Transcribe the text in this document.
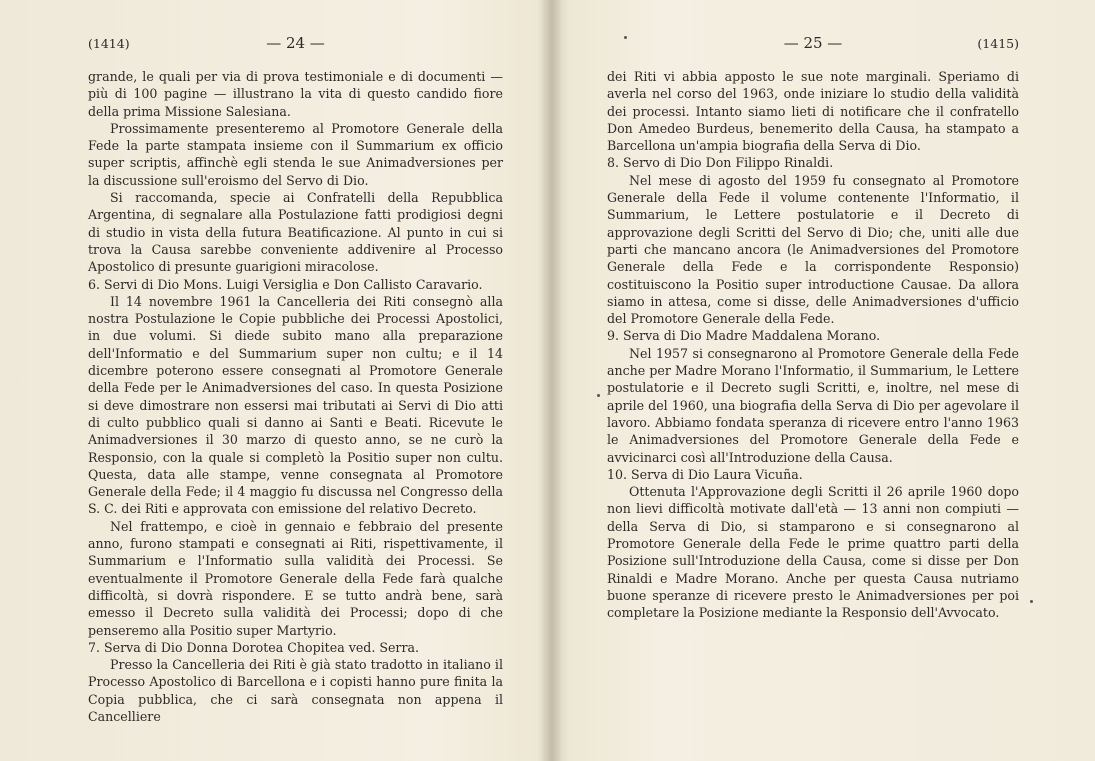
(1414)	— 24 —

grande, le quali per via di prova testimoniale e di documenti — più di 100 pagine — illustrano la vita di questo candido fiore della prima Missione Salesiana.

Prossimamente presenteremo al Promotore Generale della Fede la parte stampata insieme con il Summarium ex officio super scriptis, affinchè egli stenda le sue Animadversiones per la discussione sull'eroismo del Servo di Dio.

Si raccomanda, specie ai Confratelli della Repubblica Argentina, di segnalare alla Postulazione fatti prodigiosi degni di studio in vista della futura Beatificazione. Al punto in cui si trova la Causa sarebbe conveniente addivenire al Processo Apostolico di presunte guarigioni miracolose.

6. Servi di Dio Mons. Luigi Versiglia e Don Callisto Caravario.

Il 14 novembre 1961 la Cancelleria dei Riti consegnò alla nostra Postulazione le Copie pubbliche dei Processi Apostolici, in due volumi. Si diede subito mano alla preparazione dell'Informatio e del Summarium super non cultu; e il 14 dicembre poterono essere consegnati al Promotore Generale della Fede per le Animadversiones del caso. In questa Posizione si deve dimostrare non essersi mai tributati ai Servi di Dio atti di culto pubblico quali si danno ai Santi e Beati. Ricevute le Animadversiones il 30 marzo di questo anno, se ne curò la Responsio, con la quale si completò la Positio super non cultu. Questa, data alle stampe, venne consegnata al Promotore Generale della Fede; il 4 maggio fu discussa nel Congresso della S. C. dei Riti e approvata con emissione del relativo Decreto.

Nel frattempo, e cioè in gennaio e febbraio del presente anno, furono stampati e consegnati ai Riti, rispettivamente, il Summarium e l'Informatio sulla validità dei Processi. Se eventualmente il Promotore Generale della Fede farà qualche difficoltà, si dovrà rispondere. E se tutto andrà bene, sarà emesso il Decreto sulla validità dei Processi; dopo di che penseremo alla Positio super Martyrio.

7. Serva di Dio Donna Dorotea Chopitea ved. Serra.

Presso la Cancelleria dei Riti è già stato tradotto in italiano il Processo Apostolico di Barcellona e i copisti hanno pure finita la Copia pubblica, che ci sarà consegnata non appena il Cancelliere

— 25 —	(1415)

dei Riti vi abbia apposto le sue note marginali. Speriamo di averla nel corso del 1963, onde iniziare lo studio della validità dei processi. Intanto siamo lieti di notificare che il confratello Don Amedeo Burdeus, benemerito della Causa, ha stampato a Barcellona un'ampia biografia della Serva di Dio.

8. Servo di Dio Don Filippo Rinaldi.

Nel mese di agosto del 1959 fu consegnato al Promotore Generale della Fede il volume contenente l'Informatio, il Summarium, le Lettere postulatorie e il Decreto di approvazione degli Scritti del Servo di Dio; che, uniti alle due parti che mancano ancora (le Animadversiones del Promotore Generale della Fede e la corrispondente Responsio) costituiscono la Positio super introductione Causae. Da allora siamo in attesa, come si disse, delle Animadversiones d'ufficio del Promotore Generale della Fede.

9. Serva di Dio Madre Maddalena Morano.

Nel 1957 si consegnarono al Promotore Generale della Fede anche per Madre Morano l'Informatio, il Summarium, le Lettere postulatorie e il Decreto sugli Scritti, e, inoltre, nel mese di aprile del 1960, una biografia della Serva di Dio per agevolare il lavoro. Abbiamo fondata speranza di ricevere entro l'anno 1963 le Animadversiones del Promotore Generale della Fede e avvicinarci così all'Introduzione della Causa.

10. Serva di Dio Laura Vicuña.

Ottenuta l'Approvazione degli Scritti il 26 aprile 1960 dopo non lievi difficoltà motivate dall'età — 13 anni non compiuti — della Serva di Dio, si stamparono e si consegnarono al Promotore Generale della Fede le prime quattro parti della Posizione sull'Introduzione della Causa, come si disse per Don Rinaldi e Madre Morano. Anche per questa Causa nutriamo buone speranze di ricevere presto le Animadversiones per poi completare la Posizione mediante la Responsio dell'Avvocato.
